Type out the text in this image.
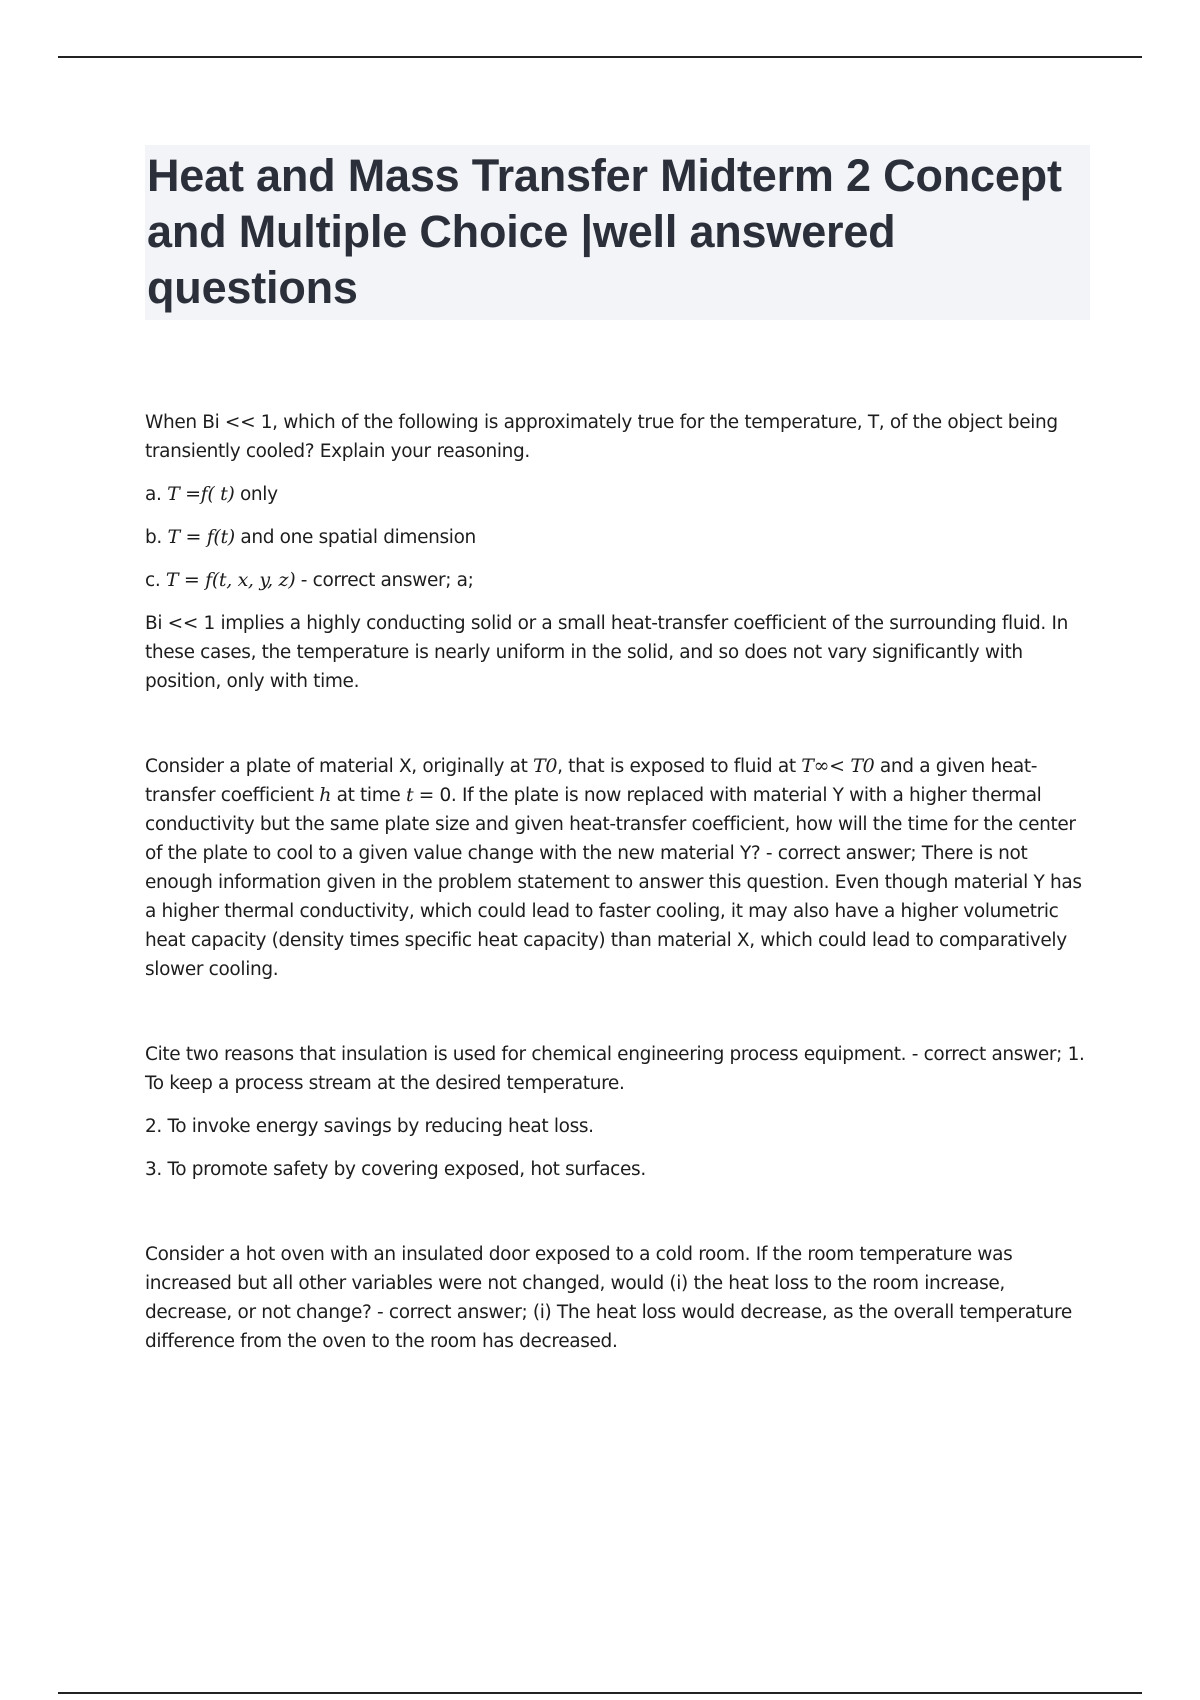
Heat and Mass Transfer Midterm 2 Concept and Multiple Choice |well answered questions

When Bi << 1, which of the following is approximately true for the temperature, T, of the object being transiently cooled? Explain your reasoning.

a. T =f( t) only

b. T = f(t) and one spatial dimension

c. T = f(t, x, y, z) - correct answer; a;

Bi << 1 implies a highly conducting solid or a small heat-transfer coefficient of the surrounding fluid. In these cases, the temperature is nearly uniform in the solid, and so does not vary significantly with position, only with time.

Consider a plate of material X, originally at T0, that is exposed to fluid at T∞< T0 and a given heat-transfer coefficient h at time t = 0. If the plate is now replaced with material Y with a higher thermal conductivity but the same plate size and given heat-transfer coefficient, how will the time for the center of the plate to cool to a given value change with the new material Y? - correct answer; There is not enough information given in the problem statement to answer this question. Even though material Y has a higher thermal conductivity, which could lead to faster cooling, it may also have a higher volumetric heat capacity (density times specific heat capacity) than material X, which could lead to comparatively slower cooling.

Cite two reasons that insulation is used for chemical engineering process equipment. - correct answer; 1. To keep a process stream at the desired temperature.

2. To invoke energy savings by reducing heat loss.

3. To promote safety by covering exposed, hot surfaces.

Consider a hot oven with an insulated door exposed to a cold room. If the room temperature was increased but all other variables were not changed, would (i) the heat loss to the room increase, decrease, or not change? - correct answer; (i) The heat loss would decrease, as the overall temperature difference from the oven to the room has decreased.
